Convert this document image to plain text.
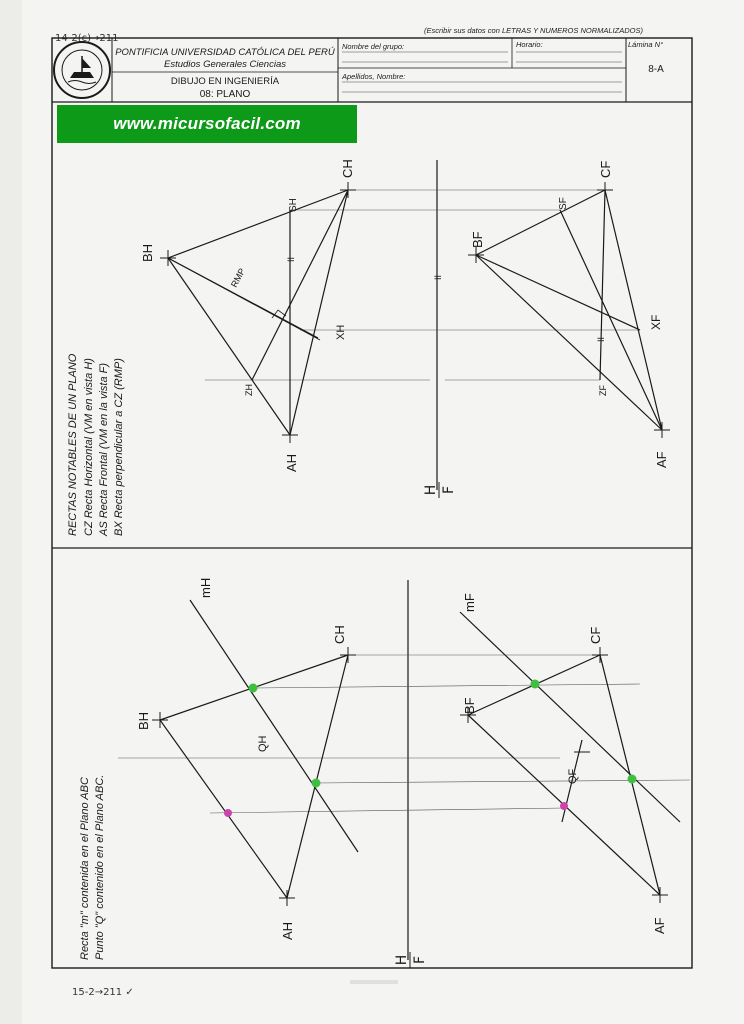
14-2(c)→211
(Escribir sus datos con LETRAS Y NUMEROS NORMALIZADOS)
PONTIFICIA UNIVERSIDAD CATÓLICA DEL PERÚ
Estudios Generales Ciencias
DIBUJO EN INGENIERÍA
08: PLANO
Nombre del grupo:	Horario:	Lámina N°
8-A
Apellidos, Nombre:
RECTAS NOTABLES DE UN PLANO CZ Recta Horizontal (VM en vista H) AS Recta Frontal (VM en la vista F) BX Recta perpendicular a CZ (RMP)	H F
BH
CH
AH
SH
XH
ZH
RMP
BF
CF
AF
SF
XF
ZF
II
II
II
Recta "m" contenida en el Plano ABC Punto "Q" contenido en el Plano ABC.	H F
mH
BH
CH
AH
QH
mF
BF
CF
AF
QF
15-2→211 ✓
www.micursofacil.com
